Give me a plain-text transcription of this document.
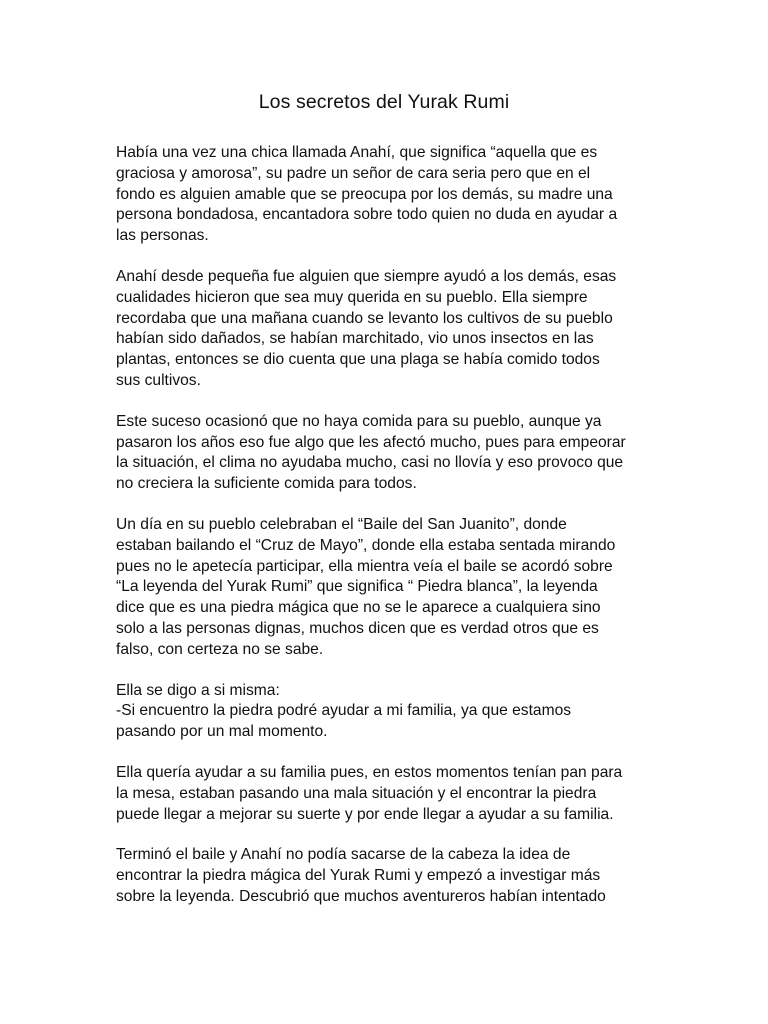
Los secretos del Yurak Rumi

Había una vez una chica llamada Anahí, que significa “aquella que es
graciosa y amorosa”, su padre un señor de cara seria pero que en el
fondo es alguien amable que se preocupa por los demás, su madre una
persona bondadosa, encantadora sobre todo quien no duda en ayudar a
las personas.

Anahí desde pequeña fue alguien que siempre ayudó a los demás, esas
cualidades hicieron que sea muy querida en su pueblo. Ella siempre
recordaba que una mañana cuando se levanto los cultivos de su pueblo
habían sido dañados, se habían marchitado, vio unos insectos en las
plantas, entonces se dio cuenta que una plaga se había comido todos
sus cultivos.

Este suceso ocasionó que no haya comida para su pueblo, aunque ya
pasaron los años eso fue algo que les afectó mucho, pues para empeorar
la situación, el clima no ayudaba mucho, casi no llovía y eso provoco que
no creciera la suficiente comida para todos.

Un día en su pueblo celebraban el “Baile del San Juanito”, donde
estaban bailando el “Cruz de Mayo”, donde ella estaba sentada mirando
pues no le apetecía participar, ella mientra veía el baile se acordó sobre
“La leyenda del Yurak Rumi” que significa “ Piedra blanca”, la leyenda
dice que es una piedra mágica que no se le aparece a cualquiera sino
solo a las personas dignas, muchos dicen que es verdad otros que es
falso, con certeza no se sabe.

Ella se digo a si misma:
-Si encuentro la piedra podré ayudar a mi familia, ya que estamos
pasando por un mal momento.

Ella quería ayudar a su familia pues, en estos momentos tenían pan para
la mesa, estaban pasando una mala situación y el encontrar la piedra
puede llegar a mejorar su suerte y por ende llegar a ayudar a su familia.

Terminó el baile y Anahí no podía sacarse de la cabeza la idea de
encontrar la piedra mágica del Yurak Rumi y empezó a investigar más
sobre la leyenda. Descubrió que muchos aventureros habían intentado
